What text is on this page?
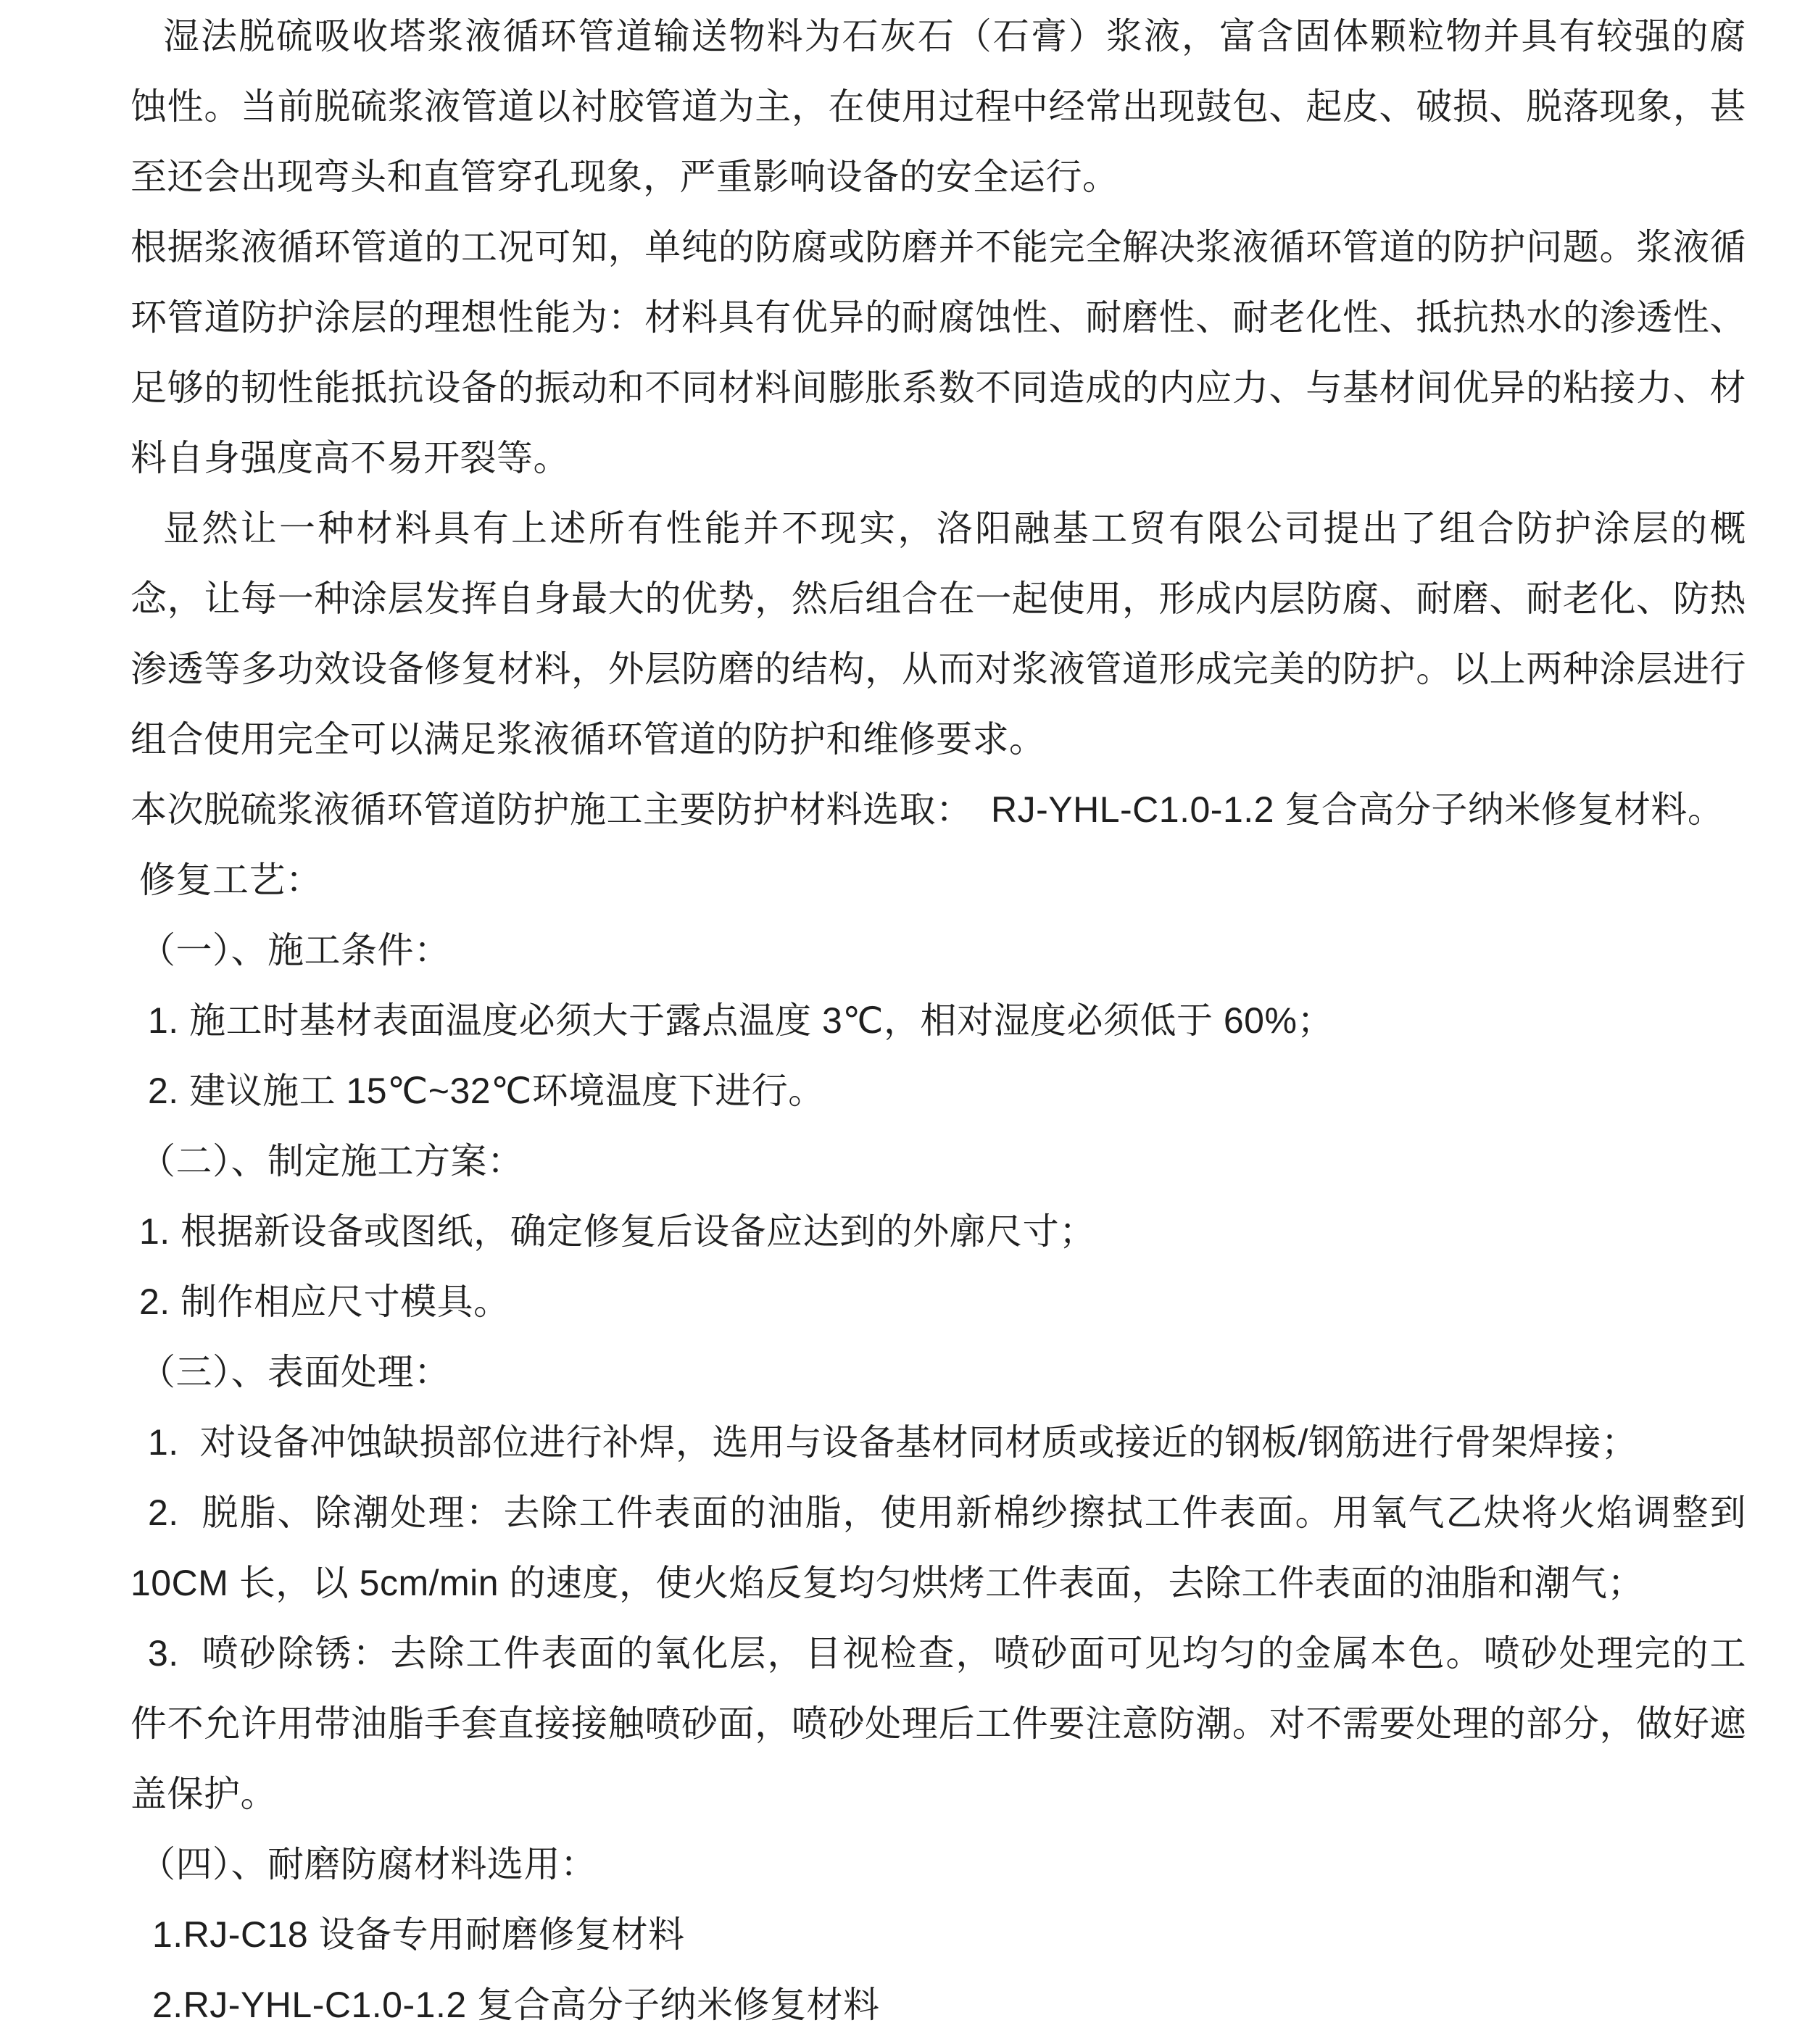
湿法脱硫吸收塔浆液循环管道输送物料为石灰石（石膏）浆液，富含固体颗粒物并具有较强的腐
蚀性。当前脱硫浆液管道以衬胶管道为主，在使用过程中经常出现鼓包、起皮、破损、脱落现象，甚
至还会出现弯头和直管穿孔现象，严重影响设备的安全运行。
根据浆液循环管道的工况可知，单纯的防腐或防磨并不能完全解决浆液循环管道的防护问题。浆液循
环管道防护涂层的理想性能为：材料具有优异的耐腐蚀性、耐磨性、耐老化性、抵抗热水的渗透性、
足够的韧性能抵抗设备的振动和不同材料间膨胀系数不同造成的内应力、与基材间优异的粘接力、材
料自身强度高不易开裂等。
显然让一种材料具有上述所有性能并不现实，洛阳融基工贸有限公司提出了组合防护涂层的概
念，让每一种涂层发挥自身最大的优势，然后组合在一起使用，形成内层防腐、耐磨、耐老化、防热
渗透等多功效设备修复材料，外层防磨的结构，从而对浆液管道形成完美的防护。以上两种涂层进行
组合使用完全可以满足浆液循环管道的防护和维修要求。
本次脱硫浆液循环管道防护施工主要防护材料选取：　RJ-YHL-C1.0-1.2 复合高分子纳米修复材料。
修复工艺：
（一）、施工条件：
1. 施工时基材表面温度必须大于露点温度 3℃，相对湿度必须低于 60%；
2. 建议施工 15℃~32℃环境温度下进行。
（二）、制定施工方案：
1. 根据新设备或图纸，确定修复后设备应达到的外廓尺寸；
2. 制作相应尺寸模具。
（三）、表面处理：
1.  对设备冲蚀缺损部位进行补焊，选用与设备基材同材质或接近的钢板/钢筋进行骨架焊接；
2.  脱脂、除潮处理：去除工件表面的油脂，使用新棉纱擦拭工件表面。用氧气乙炔将火焰调整到
10CM 长，以 5cm/min 的速度，使火焰反复均匀烘烤工件表面，去除工件表面的油脂和潮气；
3.  喷砂除锈：去除工件表面的氧化层，目视检查，喷砂面可见均匀的金属本色。喷砂处理完的工
件不允许用带油脂手套直接接触喷砂面，喷砂处理后工件要注意防潮。对不需要处理的部分，做好遮
盖保护。
（四）、耐磨防腐材料选用：
1.RJ-C18 设备专用耐磨修复材料
2.RJ-YHL-C1.0-1.2 复合高分子纳米修复材料
